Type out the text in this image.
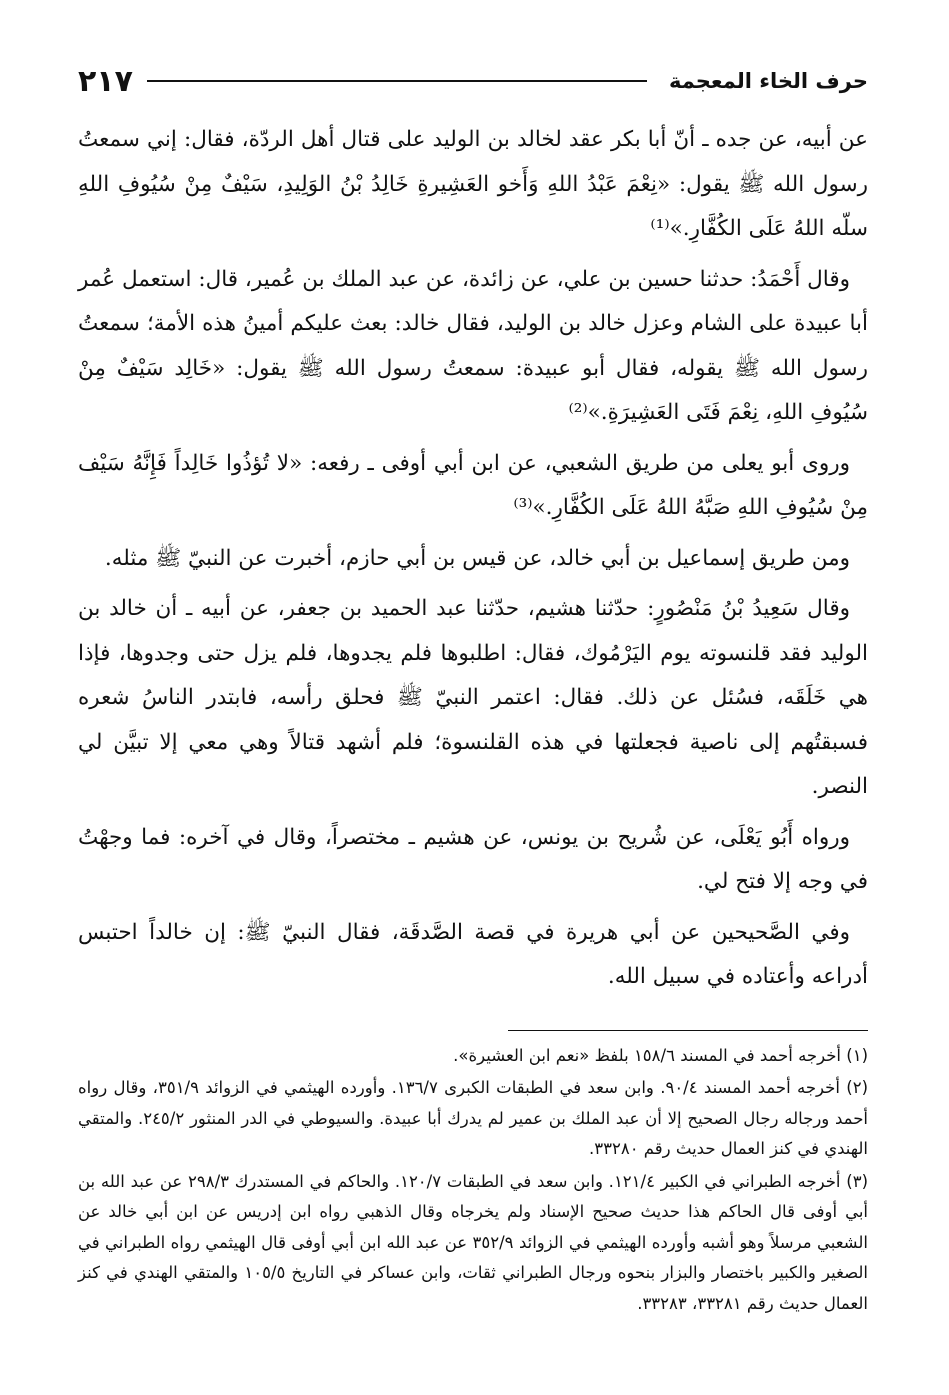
حرف الخاء المعجمة
٢١٧

عن أبيه، عن جده ـ أنّ أبا بكر عقد لخالد بن الوليد على قتال أهل الردّة، فقال: إني سمعتُ رسول الله ﷺ يقول: «نِعْمَ عَبْدُ اللهِ وَأَخو العَشِيرةِ خَالِدُ بْنُ الوَلِيدِ، سَيْفٌ مِنْ سُيُوفِ اللهِ سلّه اللهُ عَلَى الكُفَّارِ.»⁽¹⁾

وقال أَحْمَدُ: حدثنا حسين بن علي، عن زائدة، عن عبد الملك بن عُمير، قال: استعمل عُمر أبا عبيدة على الشام وعزل خالد بن الوليد، فقال خالد: بعث عليكم أمينُ هذه الأمة؛ سمعتُ رسول الله ﷺ يقوله، فقال أبو عبيدة: سمعتُ رسول الله ﷺ يقول: «خَالِد سَيْفٌ مِنْ سُيُوفِ اللهِ، نِعْمَ فَتَى العَشِيرَةِ.»⁽²⁾

وروى أبو يعلى من طريق الشعبي، عن ابن أبي أوفى ـ رفعه: «لا تُؤذُوا خَالِداً فَإِنَّهُ سَيْف مِنْ سُيُوفِ اللهِ صَبَّهُ اللهُ عَلَى الكُفَّارِ.»⁽³⁾

ومن طريق إسماعيل بن أبي خالد، عن قيس بن أبي حازم، أخبرت عن النبيّ ﷺ مثله.

وقال سَعِيدُ بْنُ مَنْصُورٍ: حدّثنا هشيم، حدّثنا عبد الحميد بن جعفر، عن أبيه ـ أن خالد بن الوليد فقد قلنسوته يوم اليَرْمُوك، فقال: اطلبوها فلم يجدوها، فلم يزل حتى وجدوها، فإذا هي خَلَقَه، فسُئل عن ذلك. فقال: اعتمر النبيّ ﷺ فحلق رأسه، فابتدر الناسُ شعره فسبقتُهم إلى ناصية فجعلتها في هذه القلنسوة؛ فلم أشهد قتالاً وهي معي إلا تبيَّن لي النصر.

ورواه أَبُو يَعْلَى، عن شُريح بن يونس، عن هشيم ـ مختصراً، وقال في آخره: فما وجهْتُ في وجه إلا فتح لي.

وفي الصَّحيحين عن أبي هريرة في قصة الصَّدقَة، فقال النبيّ ﷺ: إن خالداً احتبس أدراعه وأعتاده في سبيل الله.

(١) أخرجه أحمد في المسند ١٥٨/٦ بلفظ «نعم ابن العشيرة».

(٢) أخرجه أحمد المسند ٩٠/٤. وابن سعد في الطبقات الكبرى ١٣٦/٧. وأورده الهيثمي في الزوائد ٣٥١/٩، وقال رواه أحمد ورجاله رجال الصحيح إلا أن عبد الملك بن عمير لم يدرك أبا عبيدة. والسيوطي في الدر المنثور ٢٤٥/٢. والمتقي الهندي في كنز العمال حديث رقم ٣٣٢٨٠.

(٣) أخرجه الطبراني في الكبير ١٢١/٤. وابن سعد في الطبقات ١٢٠/٧. والحاكم في المستدرك ٢٩٨/٣ عن عبد الله بن أبي أوفى قال الحاكم هذا حديث صحيح الإسناد ولم يخرجاه وقال الذهبي رواه ابن إدريس عن ابن أبي خالد عن الشعبي مرسلاً وهو أشبه وأورده الهيثمي في الزوائد ٣٥٢/٩ عن عبد الله ابن أبي أوفى قال الهيثمي رواه الطبراني في الصغير والكبير باختصار والبزار بنحوه ورجال الطبراني ثقات، وابن عساكر في التاريخ ١٠٥/٥ والمتقي الهندي في كنز العمال حديث رقم ٣٣٢٨١، ٣٣٢٨٣.
